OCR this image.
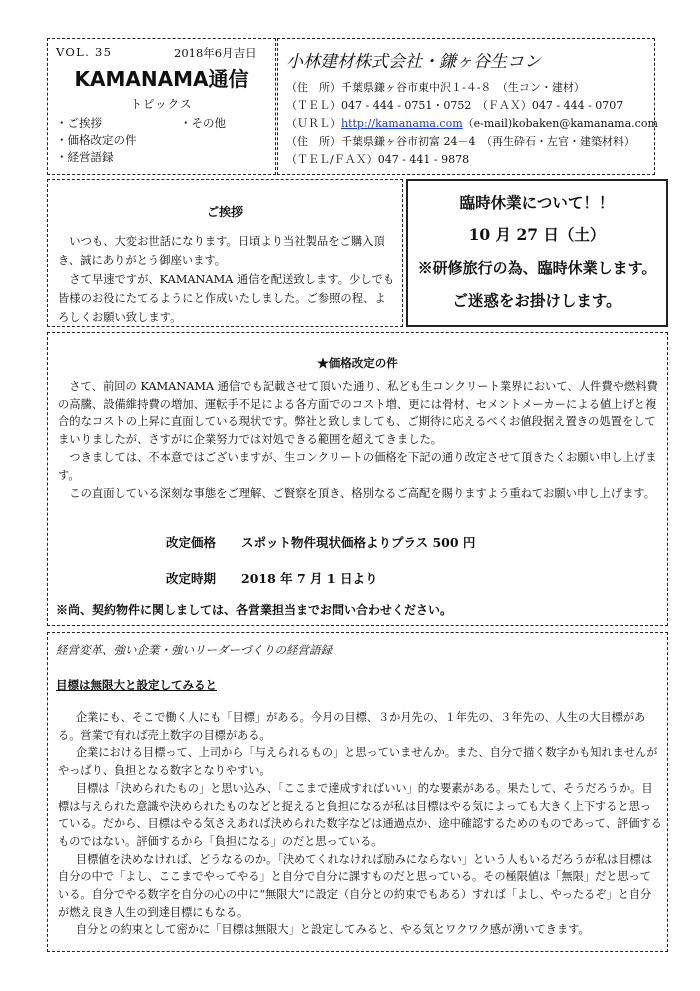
VOL. 35	2018年6月吉日
KAMANAMA通信
トピックス
・ご挨拶	・その他
・価格改定の件
・経営語録
小林建材株式会社・鎌ヶ谷生コン
（住　所）千葉県鎌ヶ谷市東中沢１-４-８　（生コン・建材）
（ＴＥＬ）047 - 444 - 0751・0752　（ＦＡＸ）047 - 444 - 0707
（ＵＲＬ）http://kamanama.com（e-mail)kobaken@kamanama.com
（住　所）千葉県鎌ヶ谷市初富 24－4　（再生砕石・左官・建築材料）
（ＴＥＬ/ＦＡＸ）047 - 441 - 9878
ご挨拶

いつも、大変お世話になります。日頃より当社製品をご購入頂き、誠にありがとう御座います。

さて早速ですが、KAMANAMA 通信を配送致します。少しでも皆様のお役にたてるようにと作成いたしました。ご参照の程、よろしくお願い致します。

臨時休業について！！
10 月 27 日（土）
※研修旅行の為、臨時休業します。
ご迷惑をお掛けします。
★価格改定の件

さて、前回の KAMANAMA 通信でも記載させて頂いた通り、私ども生コンクリート業界において、人件費や燃料費の高騰、設備維持費の増加、運転手不足による各方面でのコスト増、更には骨材、セメントメーカーによる値上げと複合的なコストの上昇に直面している現状です。弊社と致しましても、ご期待に応えるべくお値段据え置きの処置をしてまいりましたが、さすがに企業努力では対処できる範囲を超えてきました。

つきましては、不本意ではございますが、生コンクリートの価格を下記の通り改定させて頂きたくお願い申し上げます。

この直面している深刻な事態をご理解、ご賢察を頂き、格別なるご高配を賜りますよう重ねてお願い申し上げます。

改定価格 スポット物件現状価格よりプラス 500 円
改定時期 2018 年 7 月 1 日より
※尚、契約物件に関しましては、各営業担当までお問い合わせください。
経営変革、強い企業・強いリーダーづくりの経営語録
目標は無限大と設定してみると

企業にも、そこで働く人にも「目標」がある。今月の目標、３か月先の、１年先の、３年先の、人生の大目標がある。営業で有れば売上数字の目標がある。

企業における目標って、上司から「与えられるもの」と思っていませんか。また、自分で描く数字かも知れませんがやっぱり、負担となる数字となりやすい。

目標は「決められたもの」と思い込み、「ここまで達成すればいい」的な要素がある。果たして、そうだろうか。目標は与えられた意識や決められたものなどと捉えると負担になるが私は目標はやる気によっても大きく上下すると思っている。だから、目標はやる気さえあれば決められた数字などは通過点か、途中確認するためのものであって、評価するものではない。評価するから「負担になる」のだと思っている。

目標値を決めなければ、どうなるのか。「決めてくれなければ励みにならない」という人もいるだろうが私は目標は自分の中で「よし、ここまでやってやる」と自分で自分に課すものだと思っている。その極限値は「無限」だと思っている。自分でやる数字を自分の心の中に“無限大”に設定（自分との約束でもある）すれば「よし、やったるぞ」と自分が燃え良き人生の到達目標にもなる。

自分との約束として密かに「目標は無限大」と設定してみると、やる気とワクワク感が湧いてきます。
